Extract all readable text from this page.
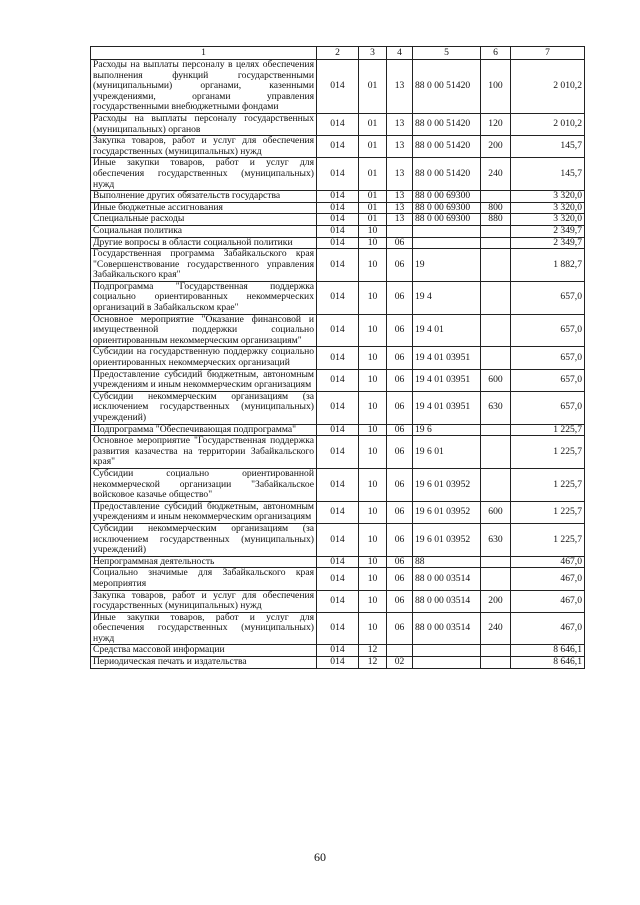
1	2	3	4	5	6	7
Расходы на выплаты персоналу в целях обеспечения выполнения функций государственными (муниципальными) органами, казенными учреждениями, органами управления государственными внебюджетными фондами	014	01	13	88 0 00 51420	100	2 010,2
Расходы на выплаты персоналу государственных (муниципальных) органов	014	01	13	88 0 00 51420	120	2 010,2
Закупка товаров, работ и услуг для обеспечения государственных (муниципальных) нужд	014	01	13	88 0 00 51420	200	145,7
Иные закупки товаров, работ и услуг для обеспечения государственных (муниципальных) нужд	014	01	13	88 0 00 51420	240	145,7
Выполнение других обязательств государства	014	01	13	88 0 00 69300		3 320,0
Иные бюджетные ассигнования	014	01	13	88 0 00 69300	800	3 320,0
Специальные расходы	014	01	13	88 0 00 69300	880	3 320,0
Социальная политика	014	10				2 349,7
Другие вопросы в области социальной политики	014	10	06			2 349,7
Государственная программа Забайкальского края "Совершенствование государственного управления Забайкальского края"	014	10	06	19		1 882,7
Подпрограмма "Государственная поддержка социально ориентированных некоммерческих организаций в Забайкальском крае"	014	10	06	19 4		657,0
Основное мероприятие "Оказание финансовой и имущественной поддержки социально ориентированным некоммерческим организациям"	014	10	06	19 4 01		657,0
Субсидии на государственную поддержку социально ориентированных некоммерческих организаций	014	10	06	19 4 01 03951		657,0
Предоставление субсидий бюджетным, автономным учреждениям и иным некоммерческим организациям	014	10	06	19 4 01 03951	600	657,0
Субсидии некоммерческим организациям (за исключением государственных (муниципальных) учреждений)	014	10	06	19 4 01 03951	630	657,0
Подпрограмма "Обеспечивающая подпрограмма"	014	10	06	19 6		1 225,7
Основное мероприятие "Государственная поддержка развития казачества на территории Забайкальского края"	014	10	06	19 6 01		1 225,7
Субсидии социально ориентированной некоммерческой организации "Забайкальское войсковое казачье общество"	014	10	06	19 6 01 03952		1 225,7
Предоставление субсидий бюджетным, автономным учреждениям и иным некоммерческим организациям	014	10	06	19 6 01 03952	600	1 225,7
Субсидии некоммерческим организациям (за исключением государственных (муниципальных) учреждений)	014	10	06	19 6 01 03952	630	1 225,7
Непрограммная деятельность	014	10	06	88		467,0
Социально значимые для Забайкальского края мероприятия	014	10	06	88 0 00 03514		467,0
Закупка товаров, работ и услуг для обеспечения государственных (муниципальных) нужд	014	10	06	88 0 00 03514	200	467,0
Иные закупки товаров, работ и услуг для обеспечения государственных (муниципальных) нужд	014	10	06	88 0 00 03514	240	467,0
Средства массовой информации	014	12				8 646,1
Периодическая печать и издательства	014	12	02			8 646,1
60
